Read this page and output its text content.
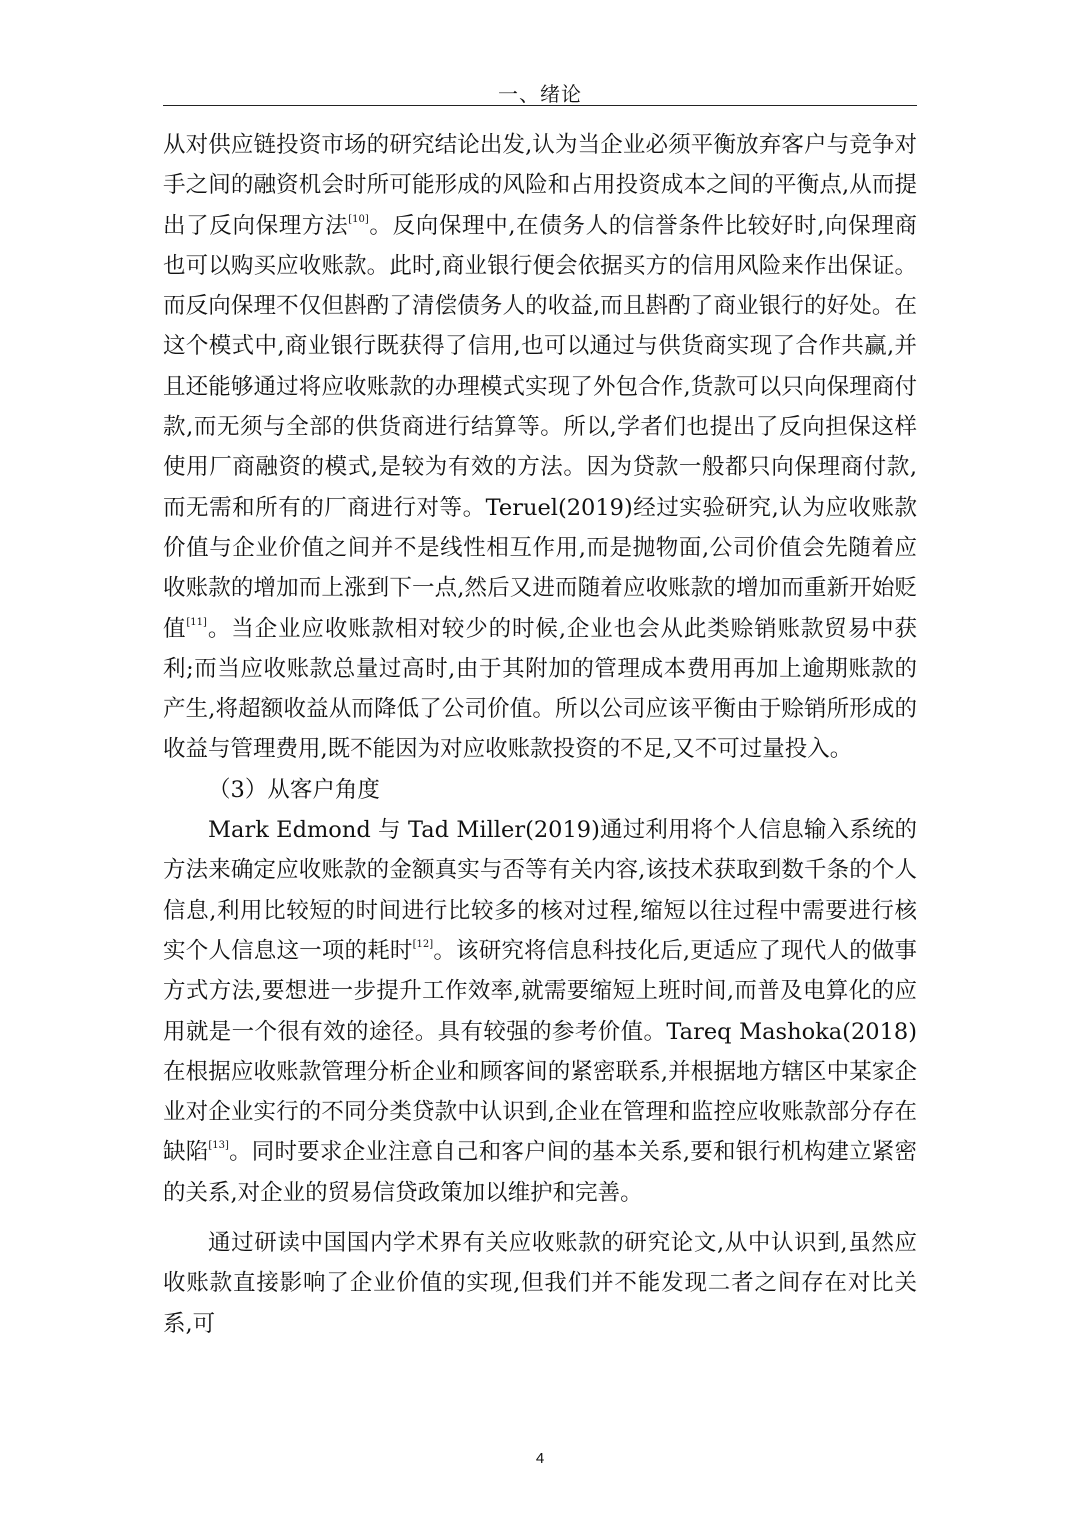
一、绪论

从对供应链投资市场的研究结论出发,认为当企业必须平衡放弃客户与竞争对手之间的融资机会时所可能形成的风险和占用投资成本之间的平衡点,从而提出了反向保理方法[10]。反向保理中,在债务人的信誉条件比较好时,向保理商也可以购买应收账款。此时,商业银行便会依据买方的信用风险来作出保证。而反向保理不仅但斟酌了清偿债务人的收益,而且斟酌了商业银行的好处。在这个模式中,商业银行既获得了信用,也可以通过与供货商实现了合作共赢,并且还能够通过将应收账款的办理模式实现了外包合作,货款可以只向保理商付款,而无须与全部的供货商进行结算等。所以,学者们也提出了反向担保这样使用厂商融资的模式,是较为有效的方法。因为贷款一般都只向保理商付款,而无需和所有的厂商进行对等。Teruel(2019)经过实验研究,认为应收账款价值与企业价值之间并不是线性相互作用,而是抛物面,公司价值会先随着应收账款的增加而上涨到下一点,然后又进而随着应收账款的增加而重新开始贬值[11]。当企业应收账款相对较少的时候,企业也会从此类赊销账款贸易中获利;而当应收账款总量过高时,由于其附加的管理成本费用再加上逾期账款的产生,将超额收益从而降低了公司价值。所以公司应该平衡由于赊销所形成的收益与管理费用,既不能因为对应收账款投资的不足,又不可过量投入。

（3）从客户角度

Mark Edmond 与 Tad Miller(2019)通过利用将个人信息输入系统的方法来确定应收账款的金额真实与否等有关内容,该技术获取到数千条的个人信息,利用比较短的时间进行比较多的核对过程,缩短以往过程中需要进行核实个人信息这一项的耗时[12]。该研究将信息科技化后,更适应了现代人的做事方式方法,要想进一步提升工作效率,就需要缩短上班时间,而普及电算化的应用就是一个很有效的途径。具有较强的参考价值。Tareq Mashoka(2018)在根据应收账款管理分析企业和顾客间的紧密联系,并根据地方辖区中某家企业对企业实行的不同分类贷款中认识到,企业在管理和监控应收账款部分存在缺陷[13]。同时要求企业注意自己和客户间的基本关系,要和银行机构建立紧密的关系,对企业的贸易信贷政策加以维护和完善。

通过研读中国国内学术界有关应收账款的研究论文,从中认识到,虽然应收账款直接影响了企业价值的实现,但我们并不能发现二者之间存在对比关系,可

4
